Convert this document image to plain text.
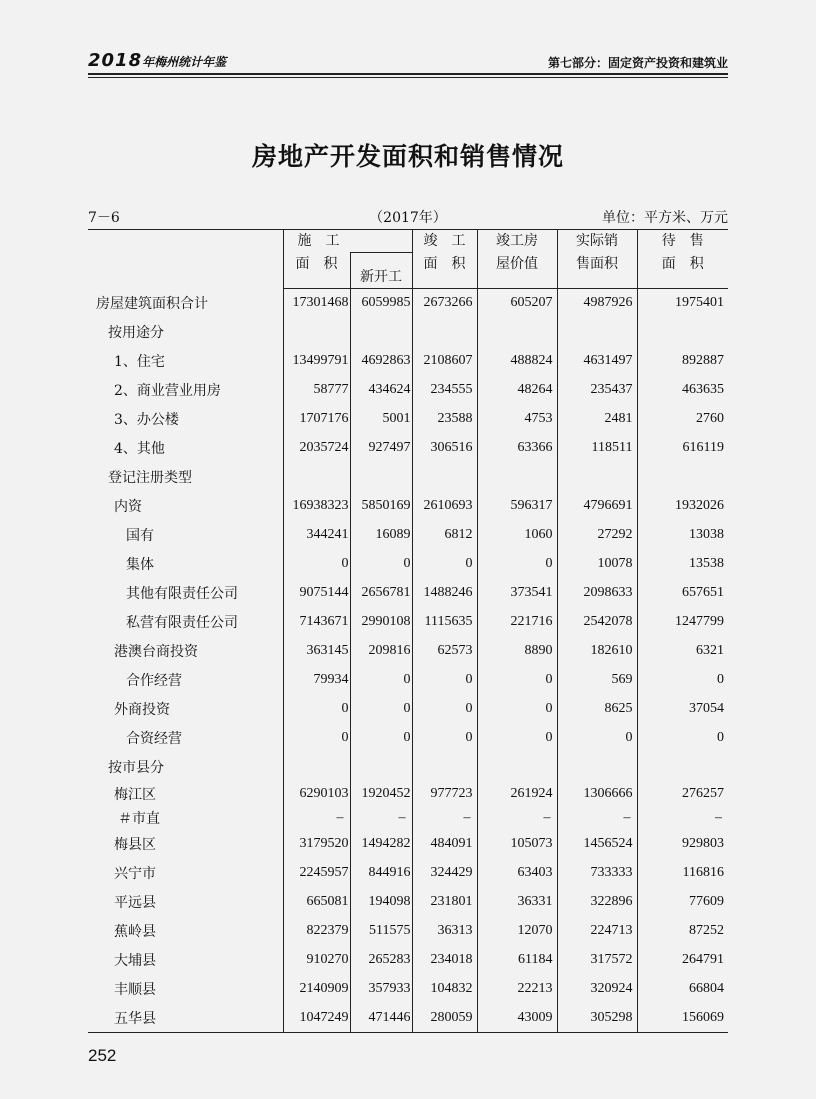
2018年梅州统计年鉴	第七部分：固定资产投资和建筑业
房地产开发面积和销售情况
7－6	（2017年）	单位：平方米、万元
	施　工		竣　工	竣工房	实际销	待　售
	面　积	新开工	面　积	屋价值	售面积	面　积
房屋建筑面积合计	17301468	6059985	2673266	605207	4987926	1975401
按用途分						
1、住宅	13499791	4692863	2108607	488824	4631497	892887
2、商业营业用房	58777	434624	234555	48264	235437	463635
3、办公楼	1707176	5001	23588	4753	2481	2760
4、其他	2035724	927497	306516	63366	118511	616119
登记注册类型						
内资	16938323	5850169	2610693	596317	4796691	1932026
国有	344241	16089	6812	1060	27292	13038
集体	0	0	0	0	10078	13538
其他有限责任公司	9075144	2656781	1488246	373541	2098633	657651
私营有限责任公司	7143671	2990108	1115635	221716	2542078	1247799
港澳台商投资	363145	209816	62573	8890	182610	6321
合作经营	79934	0	0	0	569	0
外商投资	0	0	0	0	8625	37054
合资经营	0	0	0	0	0	0
按市县分						
梅江区	6290103	1920452	977723	261924	1306666	276257
＃市直	–	–	–	–	–	–
梅县区	3179520	1494282	484091	105073	1456524	929803
兴宁市	2245957	844916	324429	63403	733333	116816
平远县	665081	194098	231801	36331	322896	77609
蕉岭县	822379	511575	36313	12070	224713	87252
大埔县	910270	265283	234018	61184	317572	264791
丰顺县	2140909	357933	104832	22213	320924	66804
五华县	1047249	471446	280059	43009	305298	156069
252
